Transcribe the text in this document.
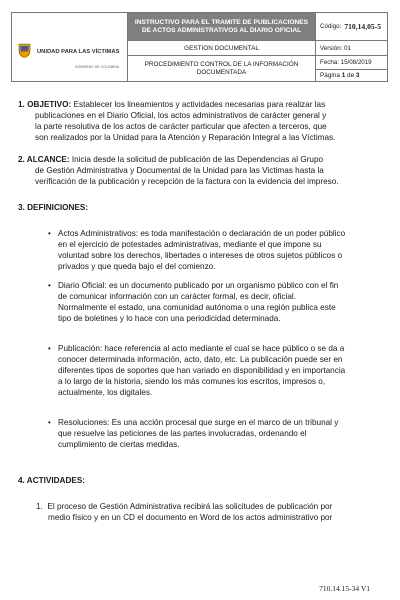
UNIDAD PARA LAS VÍCTIMAS
GOBIERNO DE COLOMBIA
INSTRUCTIVO PARA EL TRAMITE DE PUBLICACIONES DE ACTOS ADMINISTRATIVOS AL DIARIO OFICIAL
GESTION DOCUMENTAL
PROCEDIMIENTO CONTROL DE LA INFORMACIÓN DOCUMENTADA
Código: 710,14,05-5
Versión: 01
Fecha: 15/08/2019
Página
1
de
3
1. OBJETIVO: Establecer los lineamientos y actividades necesarias para realizar las
publicaciones en el Diario Oficial, los actos administrativos de carácter general y
la parte resolutiva de los actos de carácter particular que afecten a terceros, que
son realizados por la Unidad para la Atención y Reparación Integral a las Víctimas.
2. ALCANCE: Inicia desde la solicitud de publicación de las Dependencias al Grupo
de Gestión Administrativa y Documental de la Unidad para las Victimas hasta la
verificación de la publicación y recepción de la factura con la evidencia del impreso.
3. DEFINICIONES:
• Actos Administrativos: es toda manifestación o declaración de un poder público
en el ejercicio de potestades administrativas, mediante el que impone su
voluntad sobre los derechos, libertades o intereses de otros sujetos públicos o
privados y que queda bajo el del comienzo.
• Diario Oficial: es un documento publicado por un organismo público con el fin
de comunicar información con un carácter formal, es decir, oficial.
Normalmente el estado, una comunidad autónoma o una región publica este
tipo de boletines y lo hace con una periodicidad determinada.
• Publicación: hace referencia al acto mediante el cual se hace público o se da a
conocer determinada información, acto, dato, etc. La publicación puede ser en
diferentes tipos de soportes que han variado en disponibilidad y en importancia
a lo largo de la historia, siendo los más comunes los escritos, impresos o,
actualmente, los digitales.
• Resoluciones: Es una acción procesal que surge en el marco de un tribunal y
que resuelve las peticiones de las partes involucradas, ordenando el
cumplimiento de ciertas medidas.
4. ACTIVIDADES:
1. El proceso de Gestión Administrativa recibirá las solicitudes de publicación por
medio físico y en un CD el documento en Word de los actos administrativo por
710.14.15-34 V1
